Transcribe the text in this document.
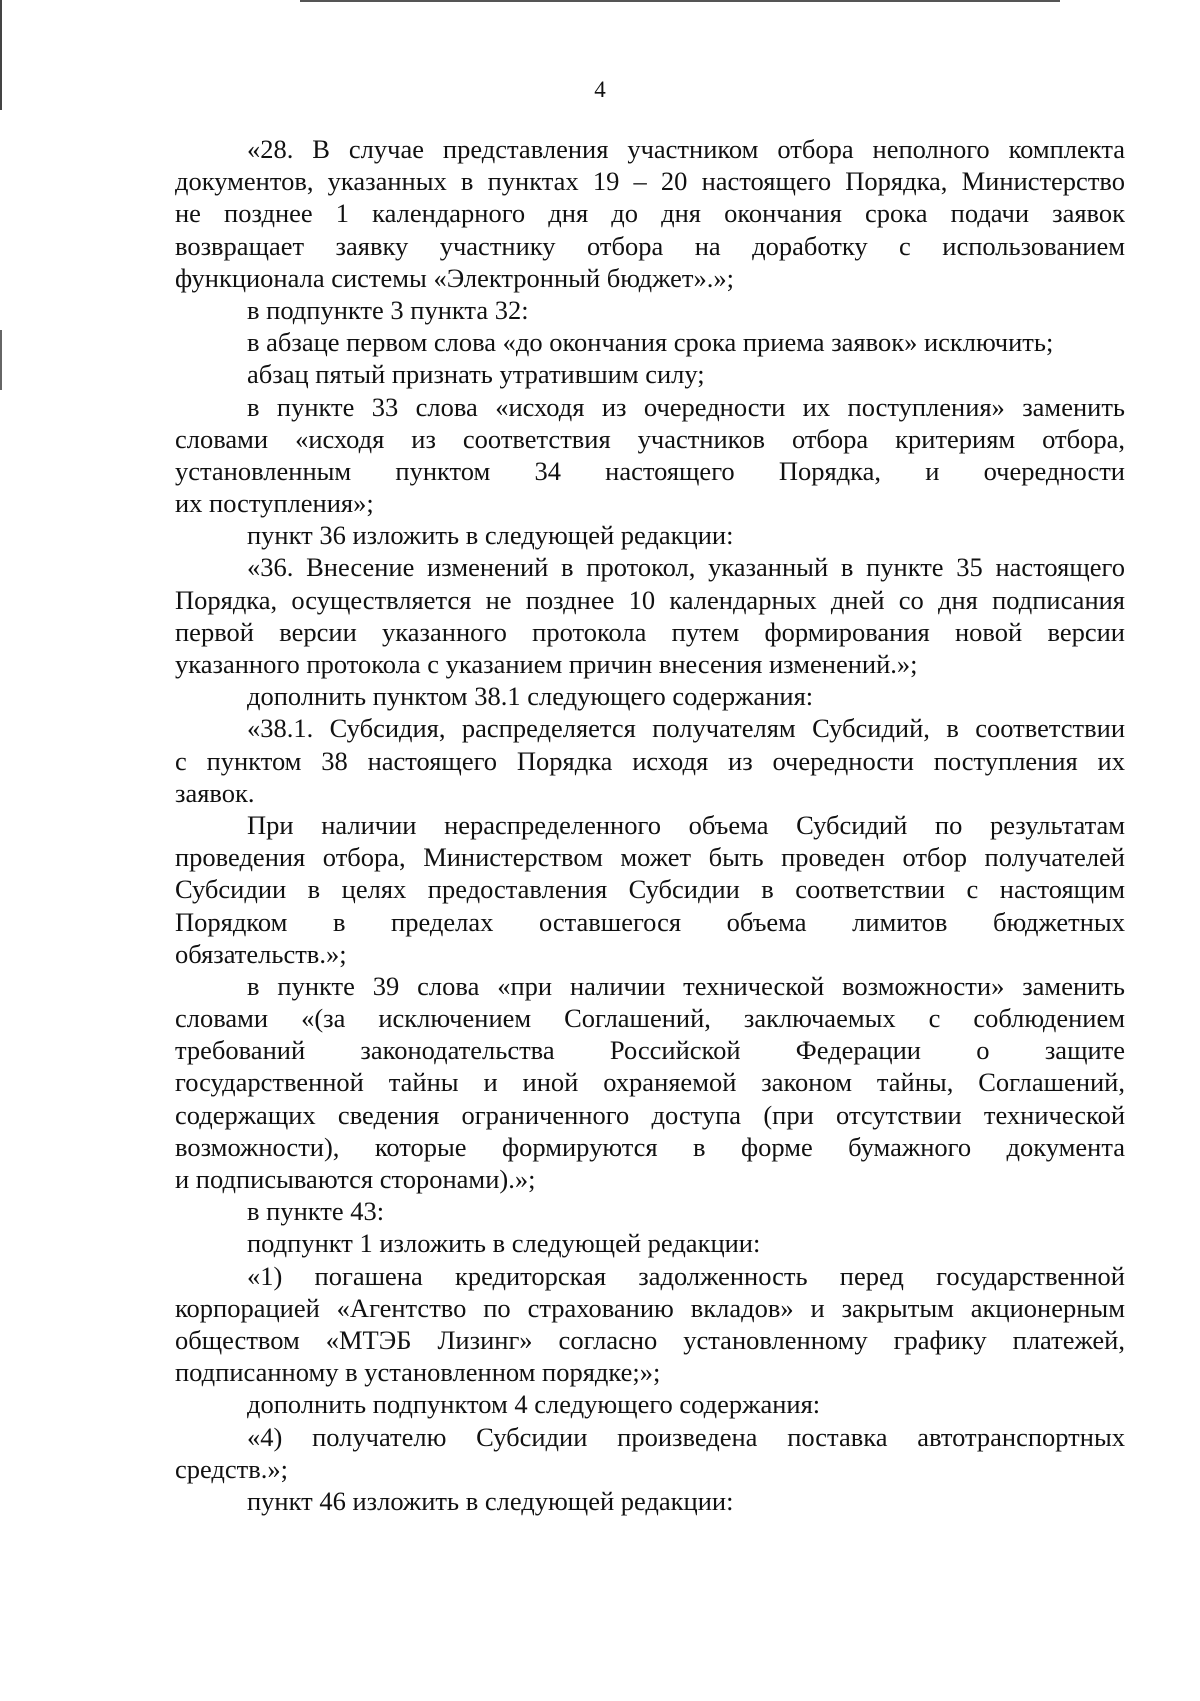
4
«28. В случае представления участником отбора неполного комплекта
документов, указанных в пунктах 19 – 20 настоящего Порядка, Министерство
не позднее 1 календарного дня до дня окончания срока подачи заявок
возвращает заявку участнику отбора на доработку с использованием
функционала системы «Электронный бюджет».»;
в подпункте 3 пункта 32:
в абзаце первом слова «до окончания срока приема заявок» исключить;
абзац пятый признать утратившим силу;
в пункте 33 слова «исходя из очередности их поступления» заменить
словами «исходя из соответствия участников отбора критериям отбора,
установленным пунктом 34 настоящего Порядка, и очередности
их поступления»;
пункт 36 изложить в следующей редакции:
«36. Внесение изменений в протокол, указанный в пункте 35 настоящего
Порядка, осуществляется не позднее 10 календарных дней со дня подписания
первой версии указанного протокола путем формирования новой версии
указанного протокола с указанием причин внесения изменений.»;
дополнить пунктом 38.1 следующего содержания:
«38.1. Субсидия, распределяется получателям Субсидий, в соответствии
с пунктом 38 настоящего Порядка исходя из очередности поступления их
заявок.
При наличии нераспределенного объема Субсидий по результатам
проведения отбора, Министерством может быть проведен отбор получателей
Субсидии в целях предоставления Субсидии в соответствии с настоящим
Порядком в пределах оставшегося объема лимитов бюджетных
обязательств.»;
в пункте 39 слова «при наличии технической возможности» заменить
словами «(за исключением Соглашений, заключаемых с соблюдением
требований законодательства Российской Федерации о защите
государственной тайны и иной охраняемой законом тайны, Соглашений,
содержащих сведения ограниченного доступа (при отсутствии технической
возможности), которые формируются в форме бумажного документа
и подписываются сторонами).»;
в пункте 43:
подпункт 1 изложить в следующей редакции:
«1) погашена кредиторская задолженность перед государственной
корпорацией «Агентство по страхованию вкладов» и закрытым акционерным
обществом «МТЭБ Лизинг» согласно установленному графику платежей,
подписанному в установленном порядке;»;
дополнить подпунктом 4 следующего содержания:
«4) получателю Субсидии произведена поставка автотранспортных
средств.»;
пункт 46 изложить в следующей редакции:
